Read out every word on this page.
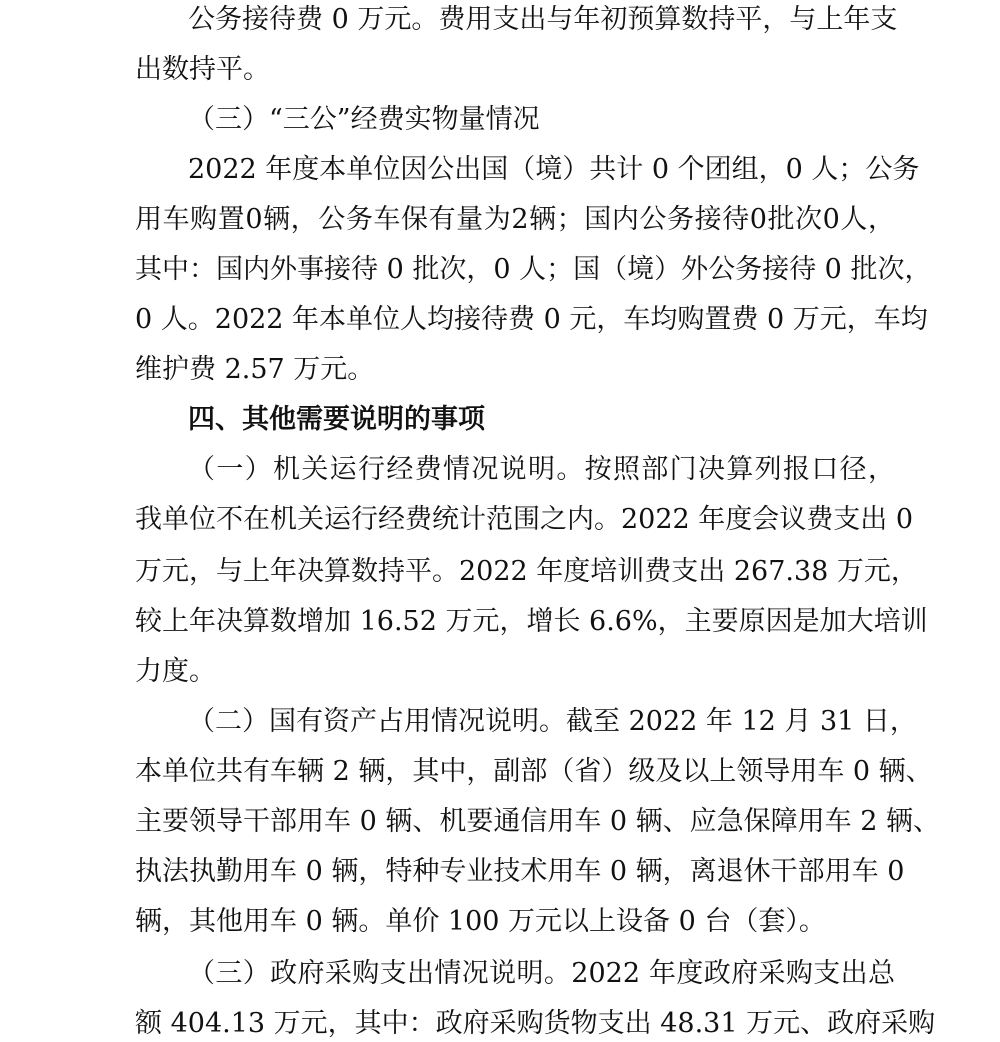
公务接待费 0 万元。费用支出与年初预算数持平，与上年支
出数持平。
（三）“三公”经费实物量情况
2022 年度本单位因公出国（境）共计 0 个团组，0 人；公务
用车购置0辆，公务车保有量为2辆；国内公务接待0批次0人，
其中：国内外事接待 0 批次，0 人；国（境）外公务接待 0 批次，
0 人。2022 年本单位人均接待费 0 元，车均购置费 0 万元，车均
维护费 2.57 万元。
四、其他需要说明的事项
（一）机关运行经费情况说明。按照部门决算列报口径，
我单位不在机关运行经费统计范围之内。2022 年度会议费支出 0
万元，与上年决算数持平。2022 年度培训费支出 267.38 万元，
较上年决算数增加 16.52 万元，增长 6.6%，主要原因是加大培训
力度。
（二）国有资产占用情况说明。截至 2022 年 12 月 31 日，
本单位共有车辆 2 辆，其中，副部（省）级及以上领导用车 0 辆、
主要领导干部用车 0 辆、机要通信用车 0 辆、应急保障用车 2 辆、
执法执勤用车 0 辆，特种专业技术用车 0 辆，离退休干部用车 0
辆，其他用车 0 辆。单价 100 万元以上设备 0 台（套）。
（三）政府采购支出情况说明。2022 年度政府采购支出总
额 404.13 万元，其中：政府采购货物支出 48.31 万元、政府采购
